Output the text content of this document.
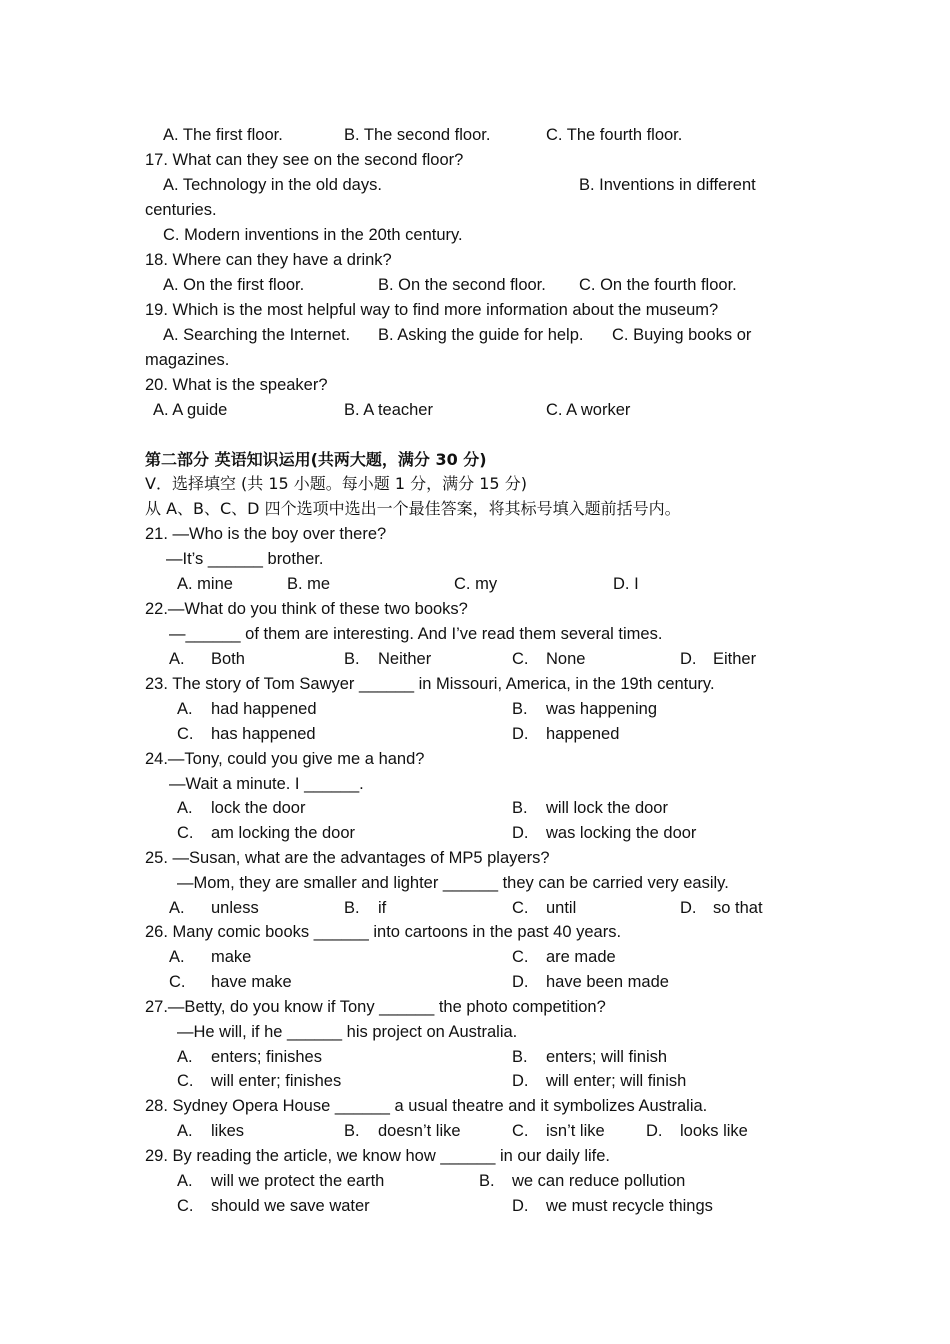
A. The first floor.	B. The second floor.	C. The fourth floor.
17. What can they see on the second floor?
A. Technology in the old days.	B. Inventions in different
centuries.
C. Modern inventions in the 20th century.
18. Where can they have a drink?
A. On the first floor.	B. On the second floor. C. On the fourth floor.
19. Which is the most helpful way to find more information about the museum?
A. Searching the Internet. B. Asking the guide for help. C. Buying books or
magazines.
20. What is the speaker?
A. A guide	B. A teacher	C. A worker
第二部分 英语知识运用(共两大题，满分 30 分)
V．选择填空 (共 15 小题。每小题 1 分，满分 15 分)
从 A、B、C、D 四个选项中选出一个最佳答案，将其标号填入题前括号内。
21. —Who is the boy over there?
—It’s ______ brother.
A. mine	B. me	C. my	D. I
22.—What do you think of these two books?
—______ of them are interesting. And I’ve read them several times.
A. Both	B. Neither	C. None	D. Either
23. The story of Tom Sawyer ______ in Missouri, America, in the 19th century.
A. had happened	B. was happening
C. has happened	D. happened
24.—Tony, could you give me a hand?
—Wait a minute. I ______.
A. lock the door	B. will lock the door
C. am locking the door	D. was locking the door
25. —Susan, what are the advantages of MP5 players?
—Mom, they are smaller and lighter ______ they can be carried very easily.
A. unless	B. if	C. until	D. so that
26. Many comic books ______ into cartoons in the past 40 years.
A. make	C. are made
C. have make	D. have been made
27.—Betty, do you know if Tony ______ the photo competition?
—He will, if he ______ his project on Australia.
A. enters; finishes	B. enters; will finish
C. will enter; finishes	D. will enter; will finish
28. Sydney Opera House ______ a usual theatre and it symbolizes Australia.
A. likes	B. doesn’t like	C. isn’t like	D. looks like
29. By reading the article, we know how ______ in our daily life.
A. will we protect the earth	B. we can reduce pollution
C. should we save water	D. we must recycle things
